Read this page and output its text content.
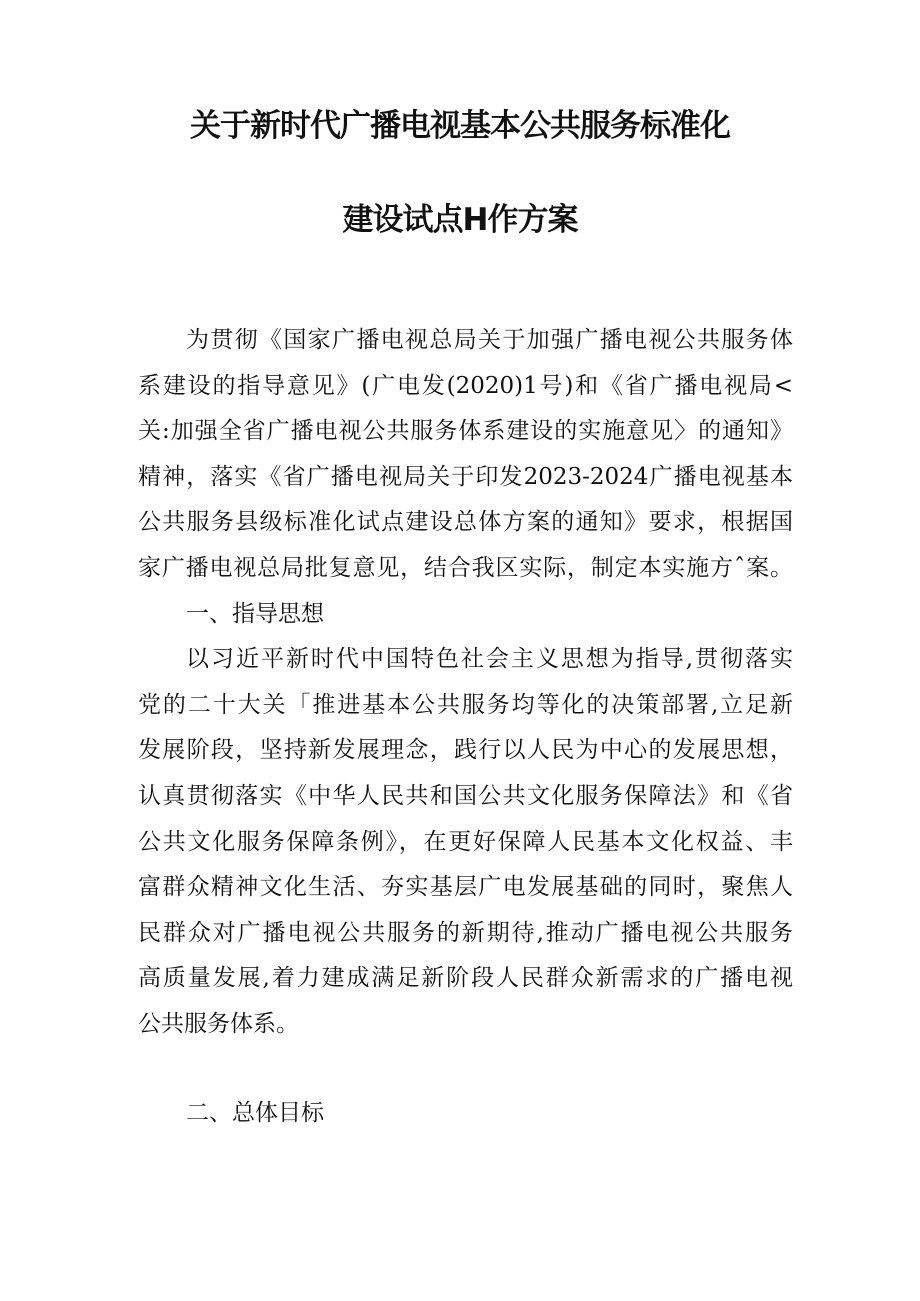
关于新时代广播电视基本公共服务标准化
建设试点H作方案
为贯彻《国家广播电视总局关于加强广播电视公共服务体
系建设的指导意见》(广电发(2020)1号)和《省广播电视局<
关:加强全省广播电视公共服务体系建设的实施意见〉的通知》
精神，落实《省广播电视局关于印发2023-2024广播电视基本
公共服务县级标准化试点建设总体方案的通知》要求，根据国
家广播电视总局批复意见，结合我区实际，制定本实施方ˆ案。
一、指导思想
以习近平新时代中国特色社会主义思想为指导,贯彻落实
党的二十大关「推进基本公共服务均等化的决策部署,立足新
发展阶段，坚持新发展理念，践行以人民为中心的发展思想，
认真贯彻落实《中华人民共和国公共文化服务保障法》和《省
公共文化服务保障条例》，在更好保障人民基本文化权益、丰
富群众精神文化生活、夯实基层广电发展基础的同时，聚焦人
民群众对广播电视公共服务的新期待,推动广播电视公共服务
高质量发展,着力建成满足新阶段人民群众新需求的广播电视
公共服务体系。

二、总体目标
